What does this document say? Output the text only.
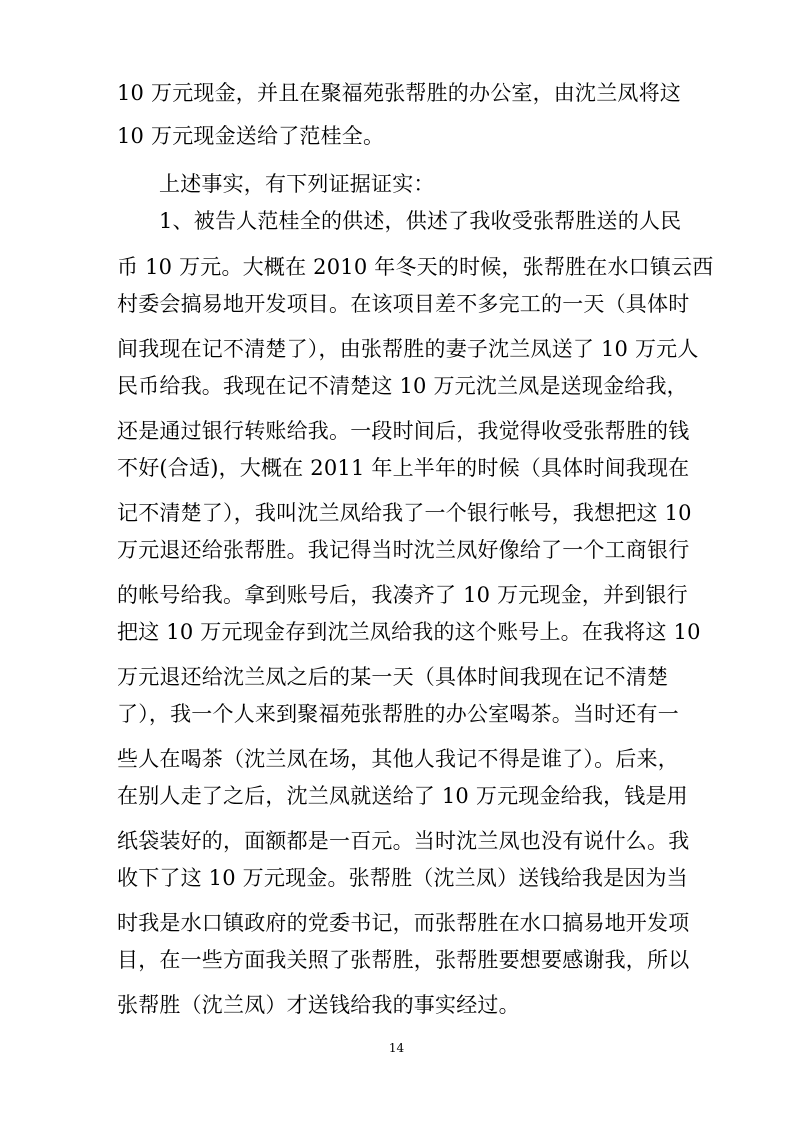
10 万元现金，并且在聚福苑张帮胜的办公室，由沈兰凤将这
10 万元现金送给了范桂全。
上述事实，有下列证据证实：
1、被告人范桂全的供述，供述了我收受张帮胜送的人民
币 10 万元。大概在 2010 年冬天的时候，张帮胜在水口镇云西
村委会搞易地开发项目。在该项目差不多完工的一天（具体时
间我现在记不清楚了），由张帮胜的妻子沈兰凤送了 10 万元人
民币给我。我现在记不清楚这 10 万元沈兰凤是送现金给我，
还是通过银行转账给我。一段时间后，我觉得收受张帮胜的钱
不好(合适)，大概在 2011 年上半年的时候（具体时间我现在
记不清楚了），我叫沈兰凤给我了一个银行帐号，我想把这 10
万元退还给张帮胜。我记得当时沈兰凤好像给了一个工商银行
的帐号给我。拿到账号后，我凑齐了 10 万元现金，并到银行
把这 10 万元现金存到沈兰凤给我的这个账号上。在我将这 10
万元退还给沈兰凤之后的某一天（具体时间我现在记不清楚
了），我一个人来到聚福苑张帮胜的办公室喝茶。当时还有一
些人在喝茶（沈兰凤在场，其他人我记不得是谁了）。后来，
在别人走了之后，沈兰凤就送给了 10 万元现金给我，钱是用
纸袋装好的，面额都是一百元。当时沈兰凤也没有说什么。我
收下了这 10 万元现金。张帮胜（沈兰凤）送钱给我是因为当
时我是水口镇政府的党委书记，而张帮胜在水口搞易地开发项
目，在一些方面我关照了张帮胜，张帮胜要想要感谢我，所以
张帮胜（沈兰凤）才送钱给我的事实经过。
14
